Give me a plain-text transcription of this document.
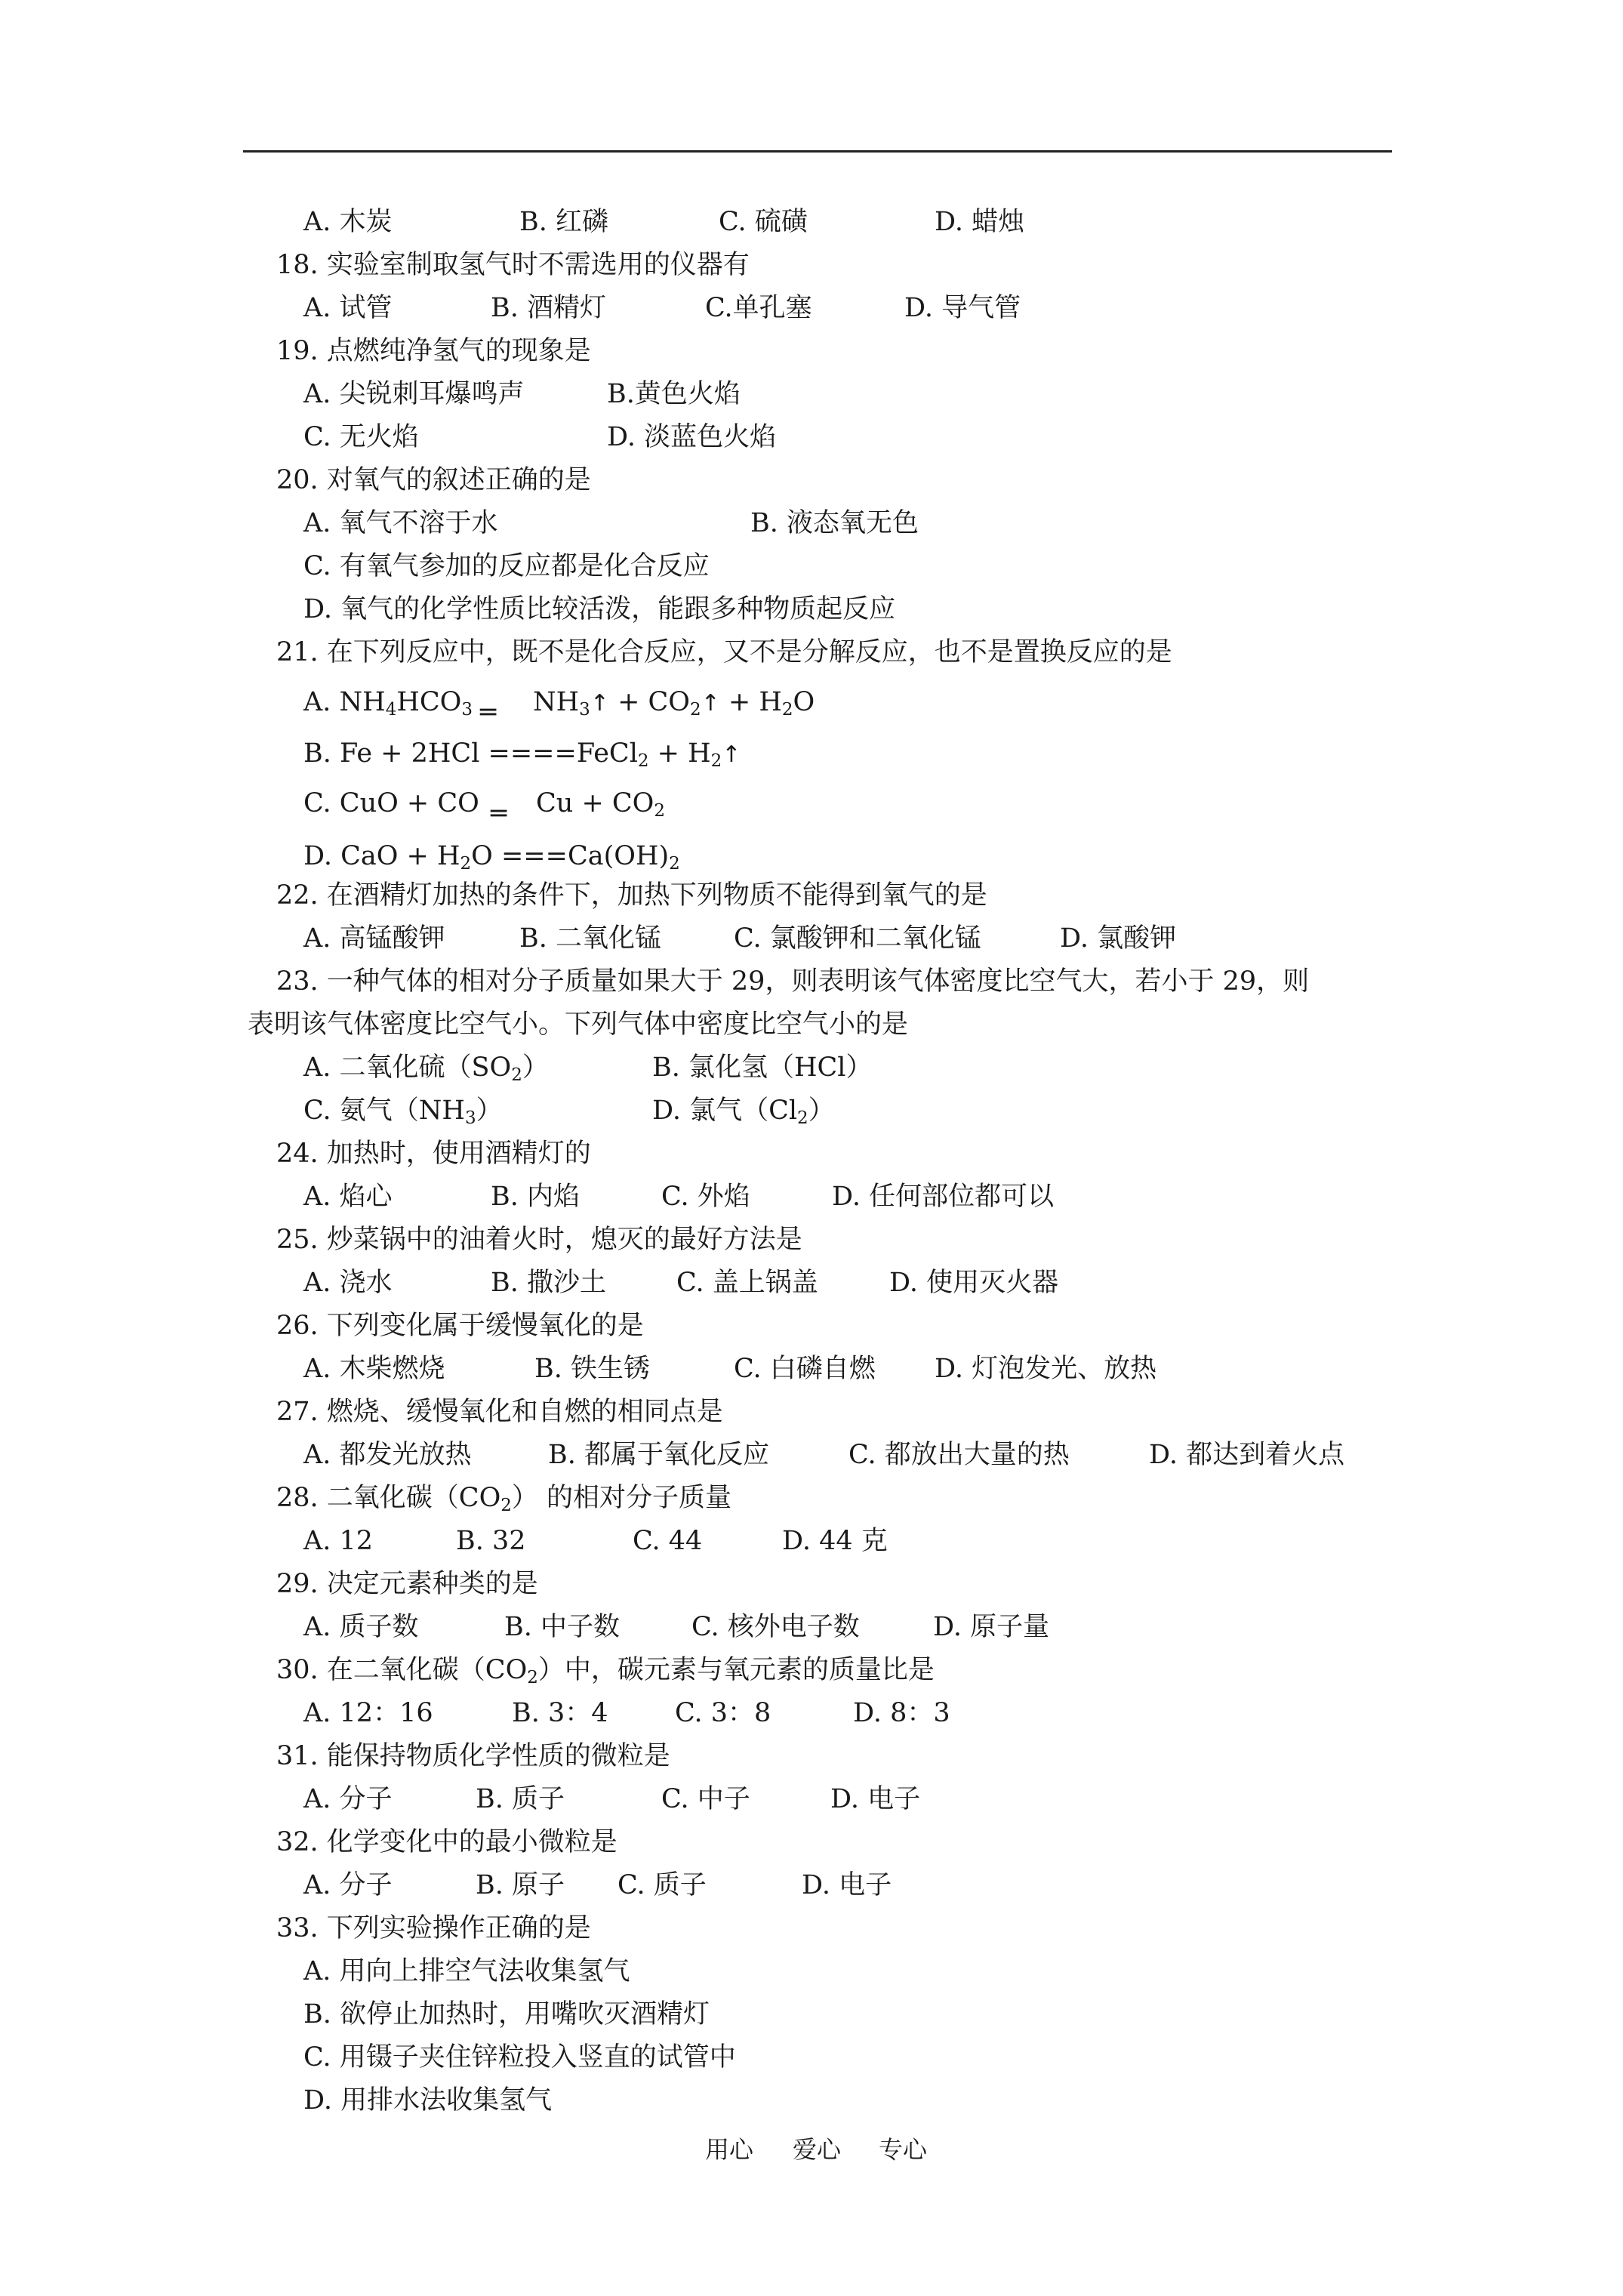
A. 木炭	B. 红磷	C. 硫磺	D. 蜡烛
18. 实验室制取氢气时不需选用的仪器有
A. 试管	B. 酒精灯	C.单孔塞	D. 导气管
19. 点燃纯净氢气的现象是
A. 尖锐刺耳爆鸣声	B.黄色火焰
C. 无火焰	D. 淡蓝色火焰
20. 对氧气的叙述正确的是
A. 氧气不溶于水	B. 液态氧无色
C. 有氧气参加的反应都是化合反应
D. 氧气的化学性质比较活泼，能跟多种物质起反应
21. 在下列反应中，既不是化合反应，又不是分解反应，也不是置换反应的是
A. $NH_4HCO_3$ ═ $NH_3↑$ + $CO_2↑ + H_2O$
B. Fe + 2HCl ====FeCl$_2$ + $H_2↑$
C. CuO + CO ═ $Cu + CO_2$
D. CaO + $H_2O ===Ca(OH)_2$
22. 在酒精灯加热的条件下，加热下列物质不能得到氧气的是
A. 高锰酸钾	B. 二氧化锰	C. 氯酸钾和二氧化锰	D. 氯酸钾
23. 一种气体的相对分子质量如果大于 29，则表明该气体密度比空气大，若小于 29，则
表明该气体密度比空气小。下列气体中密度比空气小的是
A. 二氧化硫$(SO_2)$	B. 氯化氢（HCl）
C. 氨气$(NH_3)$	D. 氯气$(Cl_2)$
24. 加热时，使用酒精灯的
A. 焰心	B. 内焰	C. 外焰	D. 任何部位都可以
25. 炒菜锅中的油着火时，熄灭的最好方法是
A. 浇水	B. 撒沙土	C. 盖上锅盖	D. 使用灭火器
26. 下列变化属于缓慢氧化的是
A. 木柴燃烧	B. 铁生锈	C. 白磷自燃 D. 灯泡发光、放热
27. 燃烧、缓慢氧化和自燃的相同点是
A. 都发光放热	B. 都属于氧化反应	C. 都放出大量的热	D. 都达到着火点
28. 二氧化碳$(CO_2)$ 的相对分子质量
A. 12	B. 32	C. 44	D. 44 克
29. 决定元素种类的是
A. 质子数	B. 中子数	C. 核外电子数	D. 原子量
30. 在二氧化碳$(CO_2)$中，碳元素与氧元素的质量比是
A. 12：16	B. 3：4	C. 3：8	D. 8：3
31. 能保持物质化学性质的微粒是
A. 分子	B. 质子	C. 中子	D. 电子
32. 化学变化中的最小微粒是
A. 分子	B. 原子 C. 质子	D. 电子
33. 下列实验操作正确的是
A. 用向上排空气法收集氢气
B. 欲停止加热时，用嘴吹灭酒精灯
C. 用镊子夹住锌粒投入竖直的试管中
D. 用排水法收集氢气
用心 爱心 专心
